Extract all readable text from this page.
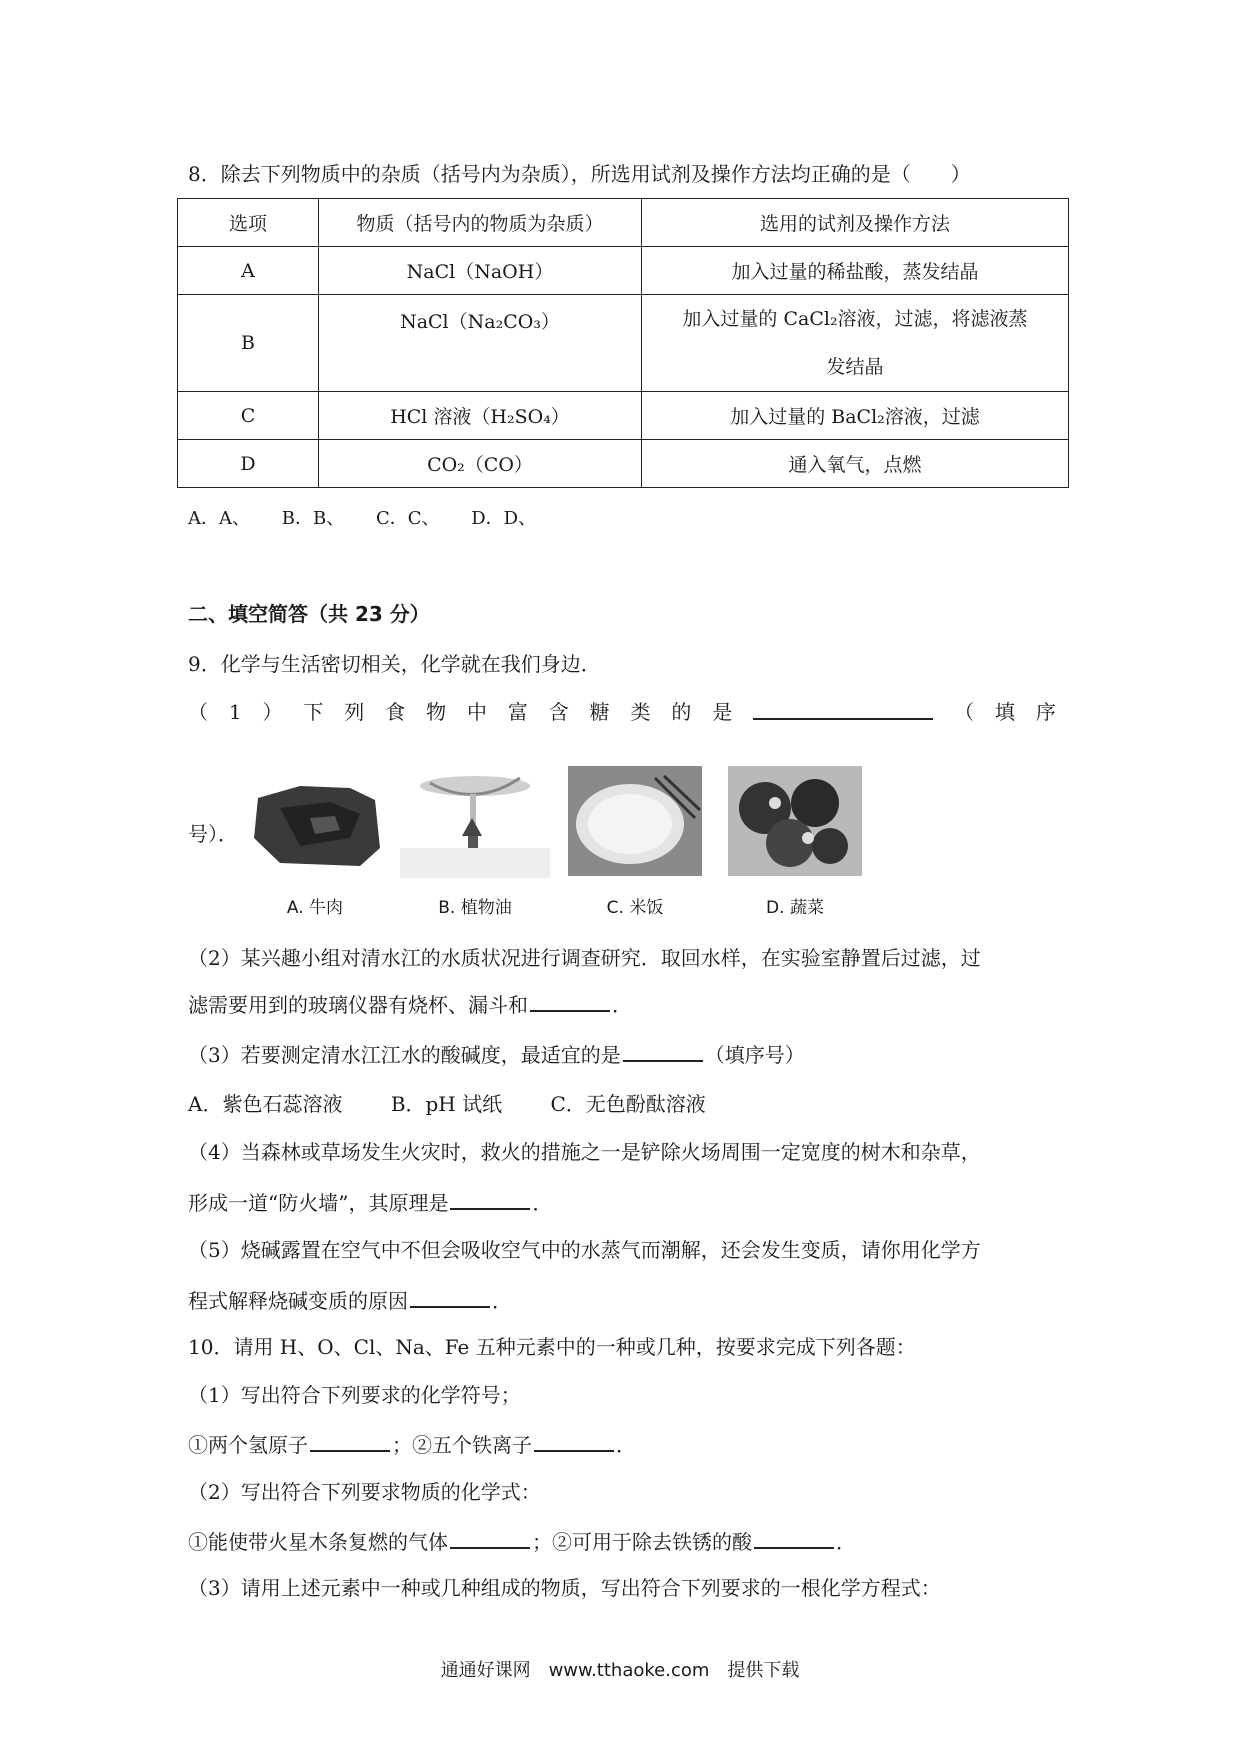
8．除去下列物质中的杂质（括号内为杂质），所选用试剂及操作方法均正确的是（　　）
选项	物质（括号内的物质为杂质）	选用的试剂及操作方法
A	NaCl（NaOH）	加入过量的稀盐酸，蒸发结晶
B	NaCl（Na₂CO₃）	加入过量的 CaCl₂溶液，过滤，将滤液蒸
发结晶

C	HCl 溶液（H₂SO₄）	加入过量的 BaCl₂溶液，过滤
D	CO₂（CO）	通入氧气，点燃
A．A、 B．B、 C．C、 D．D、
二、填空简答（共 23 分）
9．化学与生活密切相关，化学就在我们身边．
（ 1 ） 下 列 食 物 中 富 含 糖 类 的 是	（ 填 序
号）．
A. 牛肉	B. 植物油	C. 米饭	D. 蔬菜
（2）某兴趣小组对清水江的水质状况进行调查研究．取回水样，在实验室静置后过滤，过
滤需要用到的玻璃仪器有烧杯、漏斗和	．
（3）若要测定清水江江水的酸碱度，最适宜的是	（填序号）
A．紫色石蕊溶液 B．pH 试纸 C．无色酚酞溶液
（4）当森林或草场发生火灾时，救火的措施之一是铲除火场周围一定宽度的树木和杂草，
形成一道“防火墙”，其原理是	．
（5）烧碱露置在空气中不但会吸收空气中的水蒸气而潮解，还会发生变质，请你用化学方
程式解释烧碱变质的原因	．
10．请用 H、O、Cl、Na、Fe 五种元素中的一种或几种，按要求完成下列各题：
（1）写出符合下列要求的化学符号；
①两个氢原子	；②五个铁离子	．
（2）写出符合下列要求物质的化学式：
①能使带火星木条复燃的气体	；②可用于除去铁锈的酸	．
（3）请用上述元素中一种或几种组成的物质，写出符合下列要求的一根化学方程式：
通通好课网　www.tthaoke.com　提供下载
